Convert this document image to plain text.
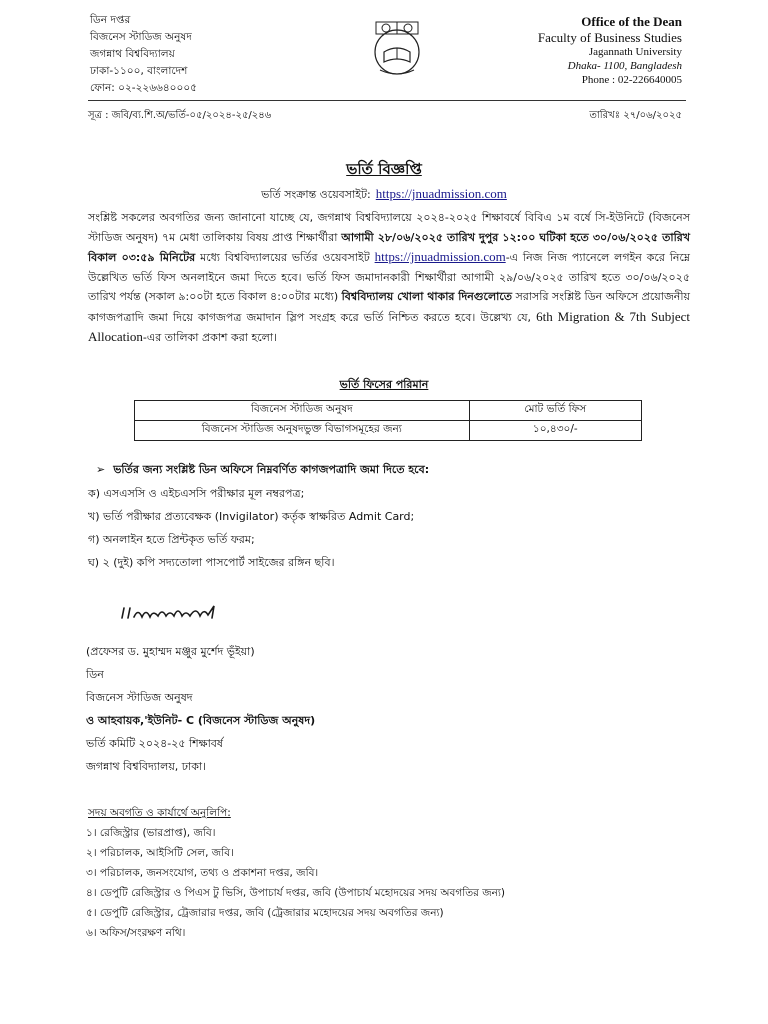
ডিন দপ্তর
বিজনেস স্টাডিজ অনুষদ
জগন্নাথ বিশ্ববিদ্যালয়
ঢাকা-১১০০, বাংলাদেশ
ফোন: ০২-২২৬৬৪০০০৫
Office of the Dean
Faculty of Business Studies
Jagannath University
Dhaka- 1100, Bangladesh
Phone : 02-226640005
সূত্র : জবি/ব্য.শি.অ/ভর্তি-০৫/২০২৪-২৫/২৪৬	তারিখঃ ২৭/০৬/২০২৫
ভর্তি বিজ্ঞপ্তি
ভর্তি সংক্রান্ত ওয়েবসাইট: https://jnuadmission.com
সংশ্লিষ্ট সকলের অবগতির জন্য জানানো যাচ্ছে যে, জগন্নাথ বিশ্ববিদ্যালয়ে ২০২৪-২০২৫ শিক্ষাবর্ষে বিবিএ ১ম বর্ষে সি-ইউনিটে (বিজনেস স্টাডিজ অনুষদ) ৭ম মেধা তালিকায় বিষয় প্রাপ্ত শিক্ষার্থীরা আগামী ২৮/০৬/২০২৫ তারিখ দুপুর ১২:০০ ঘটিকা হতে ৩০/০৬/২০২৫ তারিখ বিকাল ০৩:৫৯ মিনিটের মধ্যে বিশ্ববিদ্যালয়ের ভর্তির ওয়েবসাইট https://jnuadmission.com-এ নিজ নিজ প্যানেলে লগইন করে নিম্নে উল্লেখিত ভর্তি ফিস অনলাইনে জমা দিতে হবে। ভর্তি ফিস জমাদানকারী শিক্ষার্থীরা আগামী ২৯/০৬/২০২৫ তারিখ হতে ৩০/০৬/২০২৫ তারিখ পর্যন্ত (সকাল ৯:০০টা হতে বিকাল ৪:০০টার মধ্যে) বিশ্ববিদ্যালয় খোলা থাকার দিনগুলোতে সরাসরি সংশ্লিষ্ট ডিন অফিসে প্রয়োজনীয় কাগজপত্রাদি জমা দিয়ে কাগজপত্র জমাদান স্লিপ সংগ্রহ করে ভর্তি নিশ্চিত করতে হবে। উল্লেখ্য যে, 6th Migration & 7th Subject Allocation-এর তালিকা প্রকাশ করা হলো।
ভর্তি ফিসের পরিমান
বিজনেস স্টাডিজ অনুষদ	মোট ভর্তি ফিস
বিজনেস স্টাডিজ অনুষদভুক্ত বিভাগসমূহের জন্য	১০,৪৩০/-
➢ ভর্তির জন্য সংশ্লিষ্ট ডিন অফিসে নিম্নবর্ণিত কাগজপত্রাদি জমা দিতে হবে:
ক) এসএসসি ও এইচএসসি পরীক্ষার মূল নম্বরপত্র;
খ) ভর্তি পরীক্ষার প্রত্যবেক্ষক (Invigilator) কর্তৃক স্বাক্ষরিত Admit Card;
গ) অনলাইন হতে প্রিন্টকৃত ভর্তি ফরম;
ঘ) ২ (দুই) কপি সদ্যতোলা পাসপোর্ট সাইজের রঙ্গিন ছবি।
(প্রফেসর ড. মুহাম্মদ মঞ্জুর মুর্শেদ ভূঁইয়া)
ডিন
বিজনেস স্টাডিজ অনুষদ
ও আহবায়ক,'ইউনিট- C (বিজনেস স্টাডিজ অনুষদ)
ভর্তি কমিটি ২০২৪-২৫ শিক্ষাবর্ষ
জগন্নাথ বিশ্ববিদ্যালয়, ঢাকা।
সদয় অবগতি ও কার্যার্থে অনুলিপি:
১। রেজিস্ট্রার (ভারপ্রাপ্ত), জবি।
২। পরিচালক, আইসিটি সেল, জবি।
৩। পরিচালক, জনসংযোগ, তথ্য ও প্রকাশনা দপ্তর, জবি।
৪। ডেপুটি রেজিস্ট্রার ও পিএস টু ভিসি, উপাচার্য দপ্তর, জবি (উপাচার্য মহোদয়ের সদয় অবগতির জন্য)
৫। ডেপুটি রেজিস্ট্রার, ট্রেজারার দপ্তর, জবি (ট্রেজারার মহোদয়ের সদয় অবগতির জন্য)
৬। অফিস/সংরক্ষণ নথি।
